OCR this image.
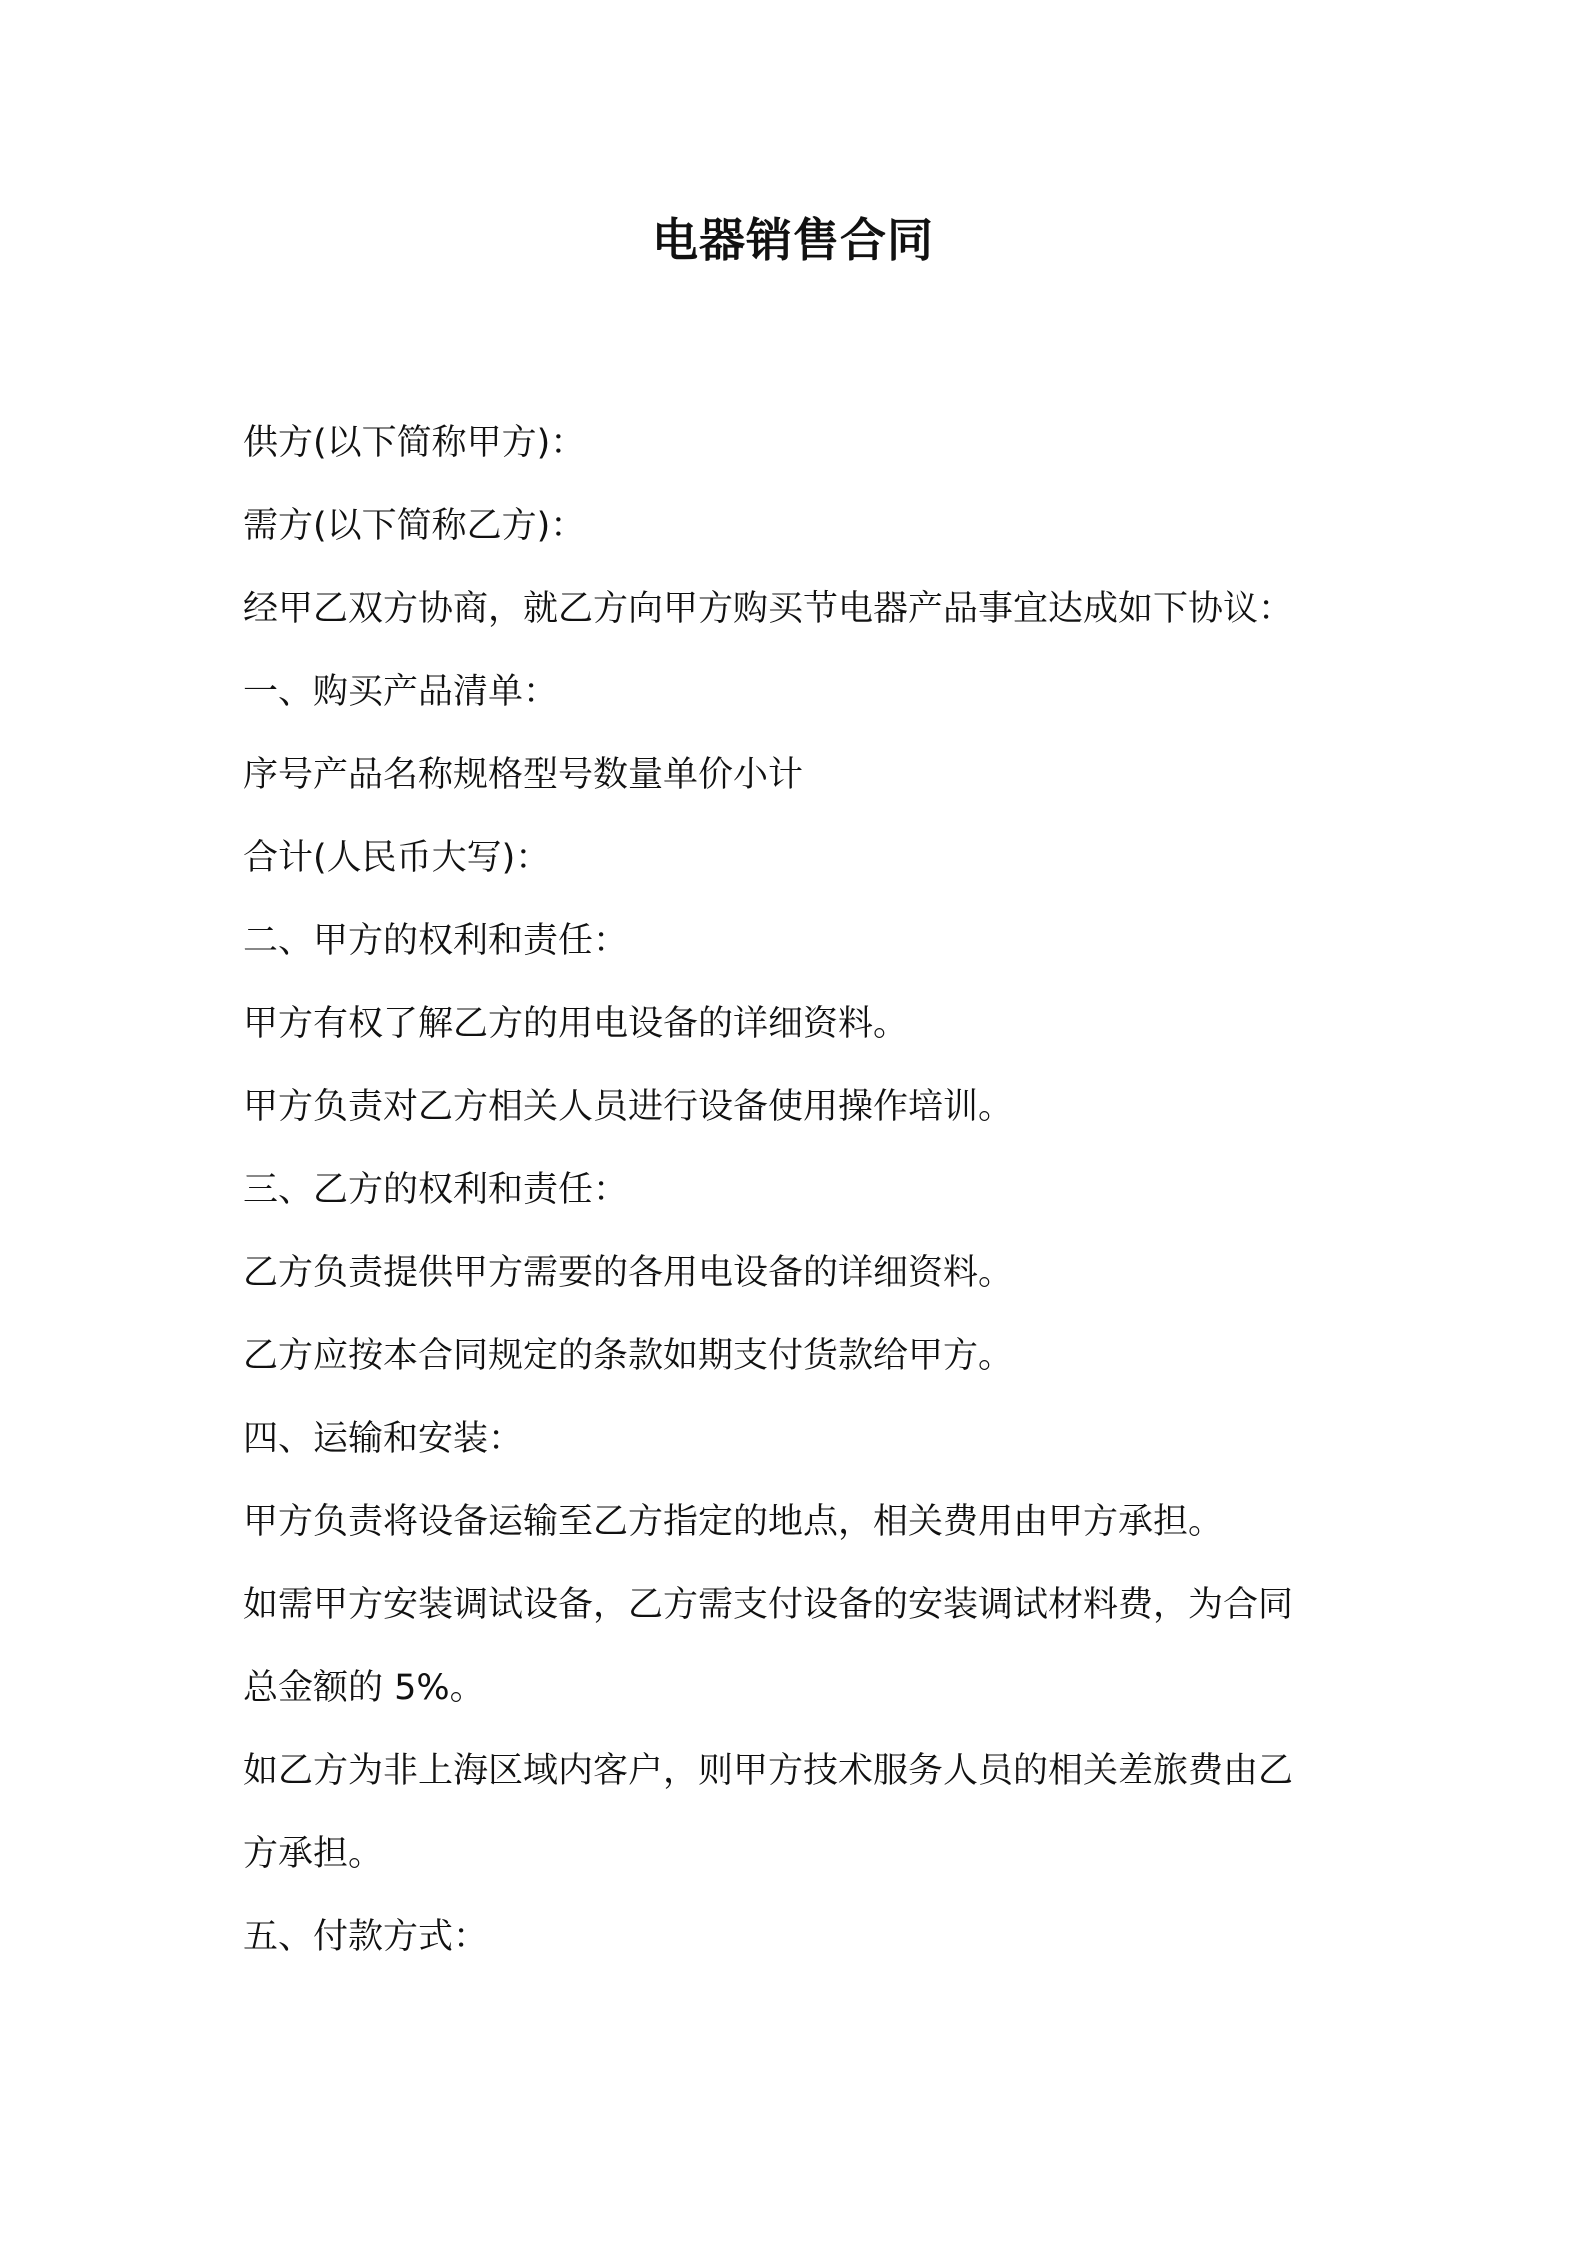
电器销售合同

供方(以下简称甲方)：

需方(以下简称乙方)：

经甲乙双方协商，就乙方向甲方购买节电器产品事宜达成如下协议：

一、购买产品清单：

序号产品名称规格型号数量单价小计

合计(人民币大写)：

二、甲方的权利和责任：

甲方有权了解乙方的用电设备的详细资料。

甲方负责对乙方相关人员进行设备使用操作培训。

三、乙方的权利和责任：

乙方负责提供甲方需要的各用电设备的详细资料。

乙方应按本合同规定的条款如期支付货款给甲方。

四、运输和安装：

甲方负责将设备运输至乙方指定的地点，相关费用由甲方承担。

如需甲方安装调试设备，乙方需支付设备的安装调试材料费，为合同

总金额的 5%。

如乙方为非上海区域内客户，则甲方技术服务人员的相关差旅费由乙

方承担。

五、付款方式：
